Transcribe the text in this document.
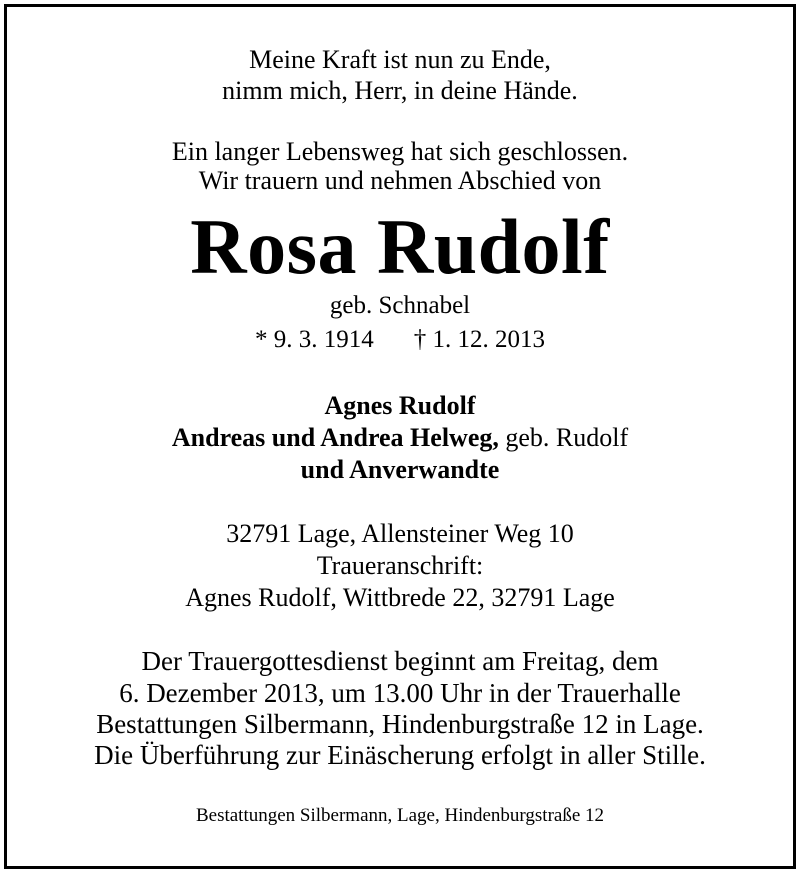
Meine Kraft ist nun zu Ende,
nimm mich, Herr, in deine Hände.
Ein langer Lebensweg hat sich geschlossen.
Wir trauern und nehmen Abschied von
Rosa Rudolf
geb. Schnabel
* 9. 3. 1914 † 1. 12. 2013
Agnes Rudolf
Andreas und Andrea Helweg, geb. Rudolf
und Anverwandte
32791 Lage, Allensteiner Weg 10
Traueranschrift:
Agnes Rudolf, Wittbrede 22, 32791 Lage
Der Trauergottesdienst beginnt am Freitag, dem
6. Dezember 2013, um 13.00 Uhr in der Trauerhalle
Bestattungen Silbermann, Hindenburgstraße 12 in Lage.
Die Überführung zur Einäscherung erfolgt in aller Stille.
Bestattungen Silbermann, Lage, Hindenburgstraße 12
